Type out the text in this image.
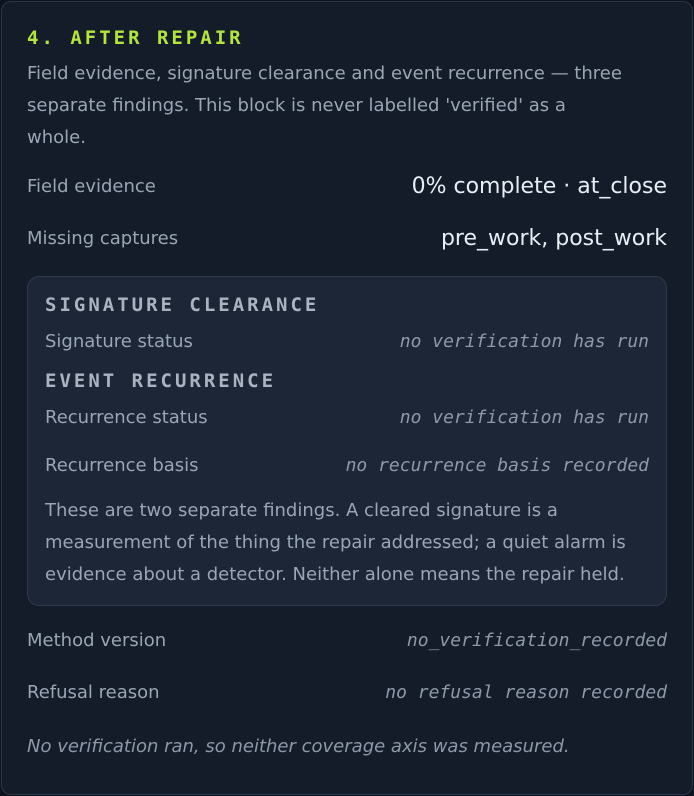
4. AFTER REPAIR

Field evidence, signature clearance and event recurrence — three separate findings. This block is never labelled 'verified' as a whole.

Field evidence	0% complete · at_close
Missing captures	pre_work, post_work
SIGNATURE CLEARANCE
Signature status	no verification has run
EVENT RECURRENCE
Recurrence status	no verification has run
Recurrence basis	no recurrence basis recorded

These are two separate findings. A cleared signature is a measurement of the thing the repair addressed; a quiet alarm is evidence about a detector. Neither alone means the repair held.

Method version	no_verification_recorded
Refusal reason	no refusal reason recorded

No verification ran, so neither coverage axis was measured.
